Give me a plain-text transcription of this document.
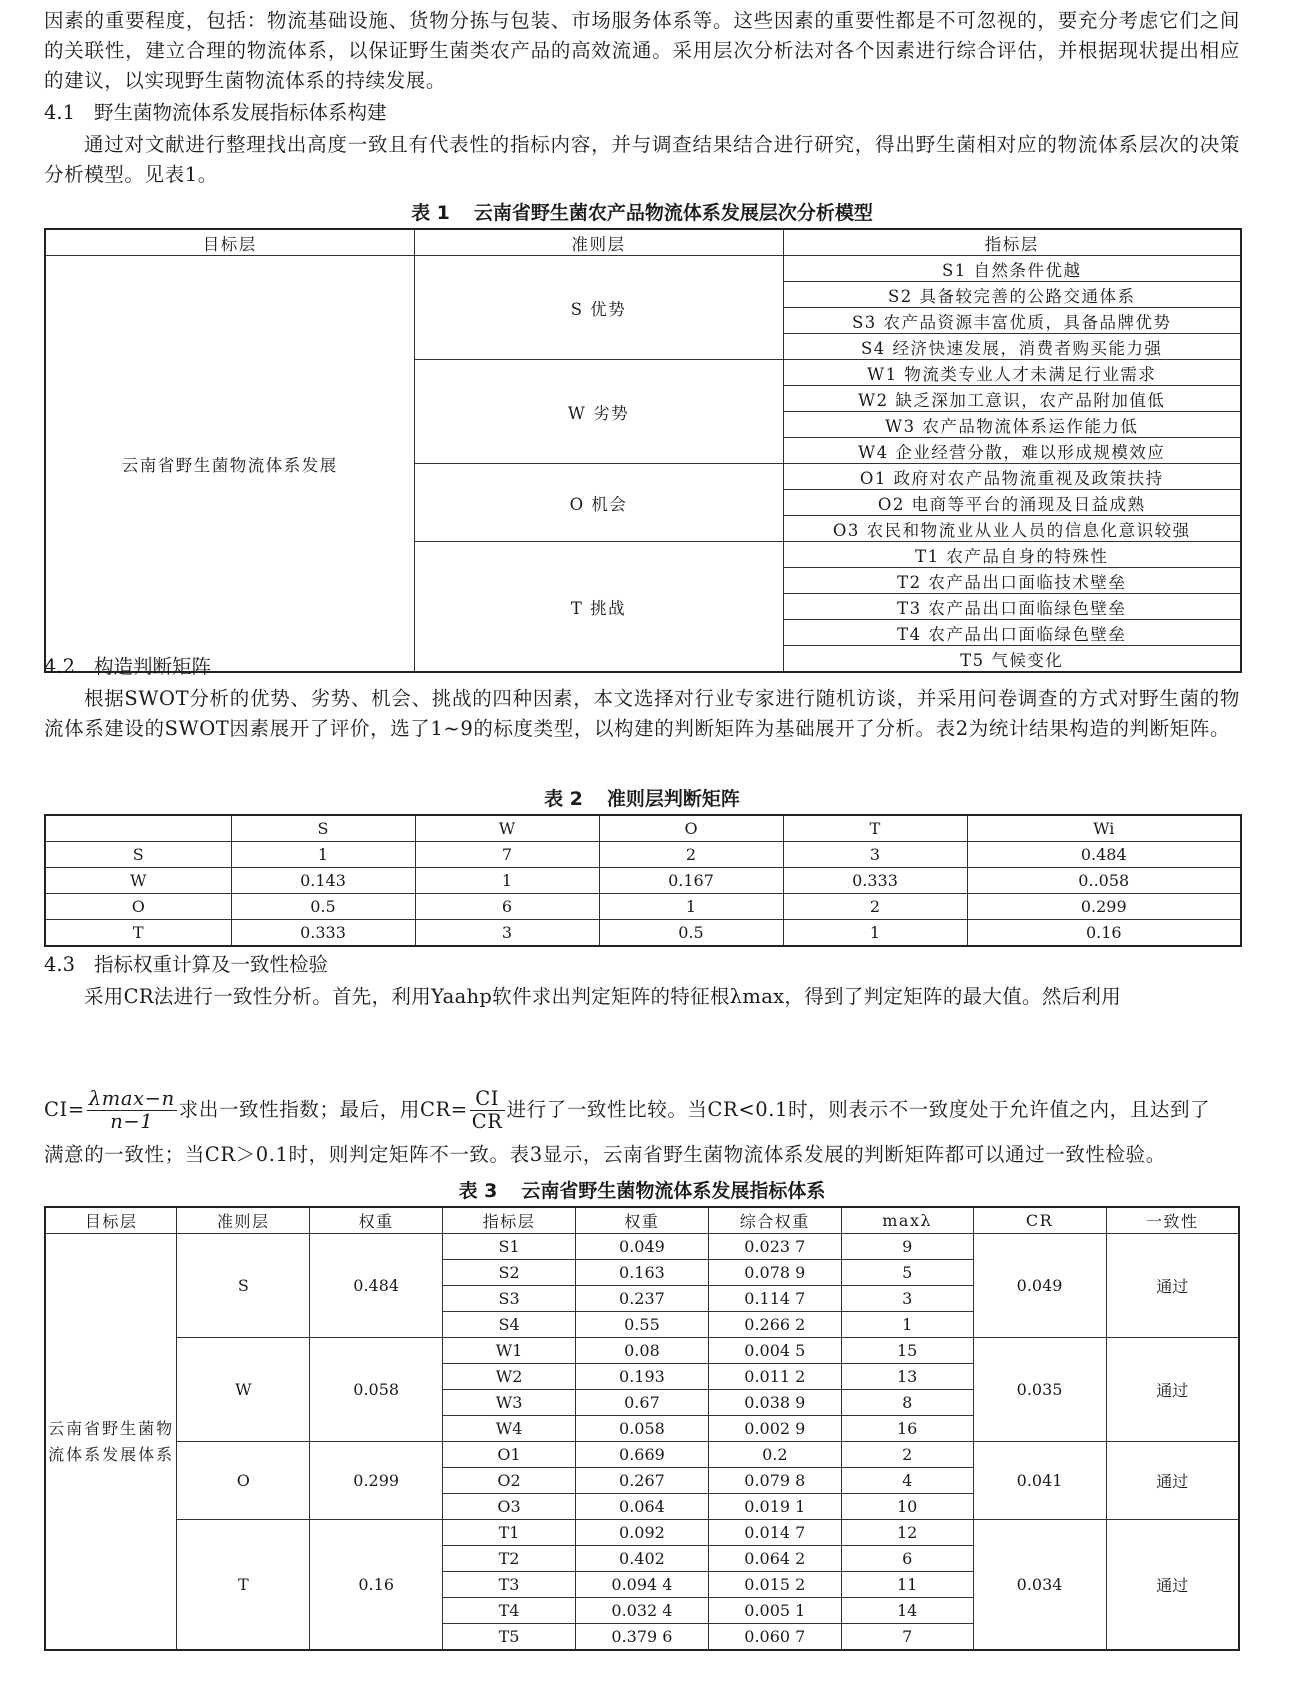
因素的重要程度，包括：物流基础设施、货物分拣与包装、市场服务体系等。这些因素的重要性都是不可忽视的，要充分考虑它们之间的关联性，建立合理的物流体系，以保证野生菌类农产品的高效流通。采用层次分析法对各个因素进行综合评估，并根据现状提出相应的建议，以实现野生菌物流体系的持续发展。

4.1 野生菌物流体系发展指标体系构建

通过对文献进行整理找出高度一致且有代表性的指标内容，并与调查结果结合进行研究，得出野生菌相对应的物流体系层次的决策分析模型。见表1。

表 1 云南省野生菌农产品物流体系发展层次分析模型

目标层	准则层	指标层
云南省野生菌物流体系发展	S 优势	S1 自然条件优越
		S2 具备较完善的公路交通体系
		S3 农产品资源丰富优质，具备品牌优势
		S4 经济快速发展，消费者购买能力强
	W 劣势	W1 物流类专业人才未满足行业需求
		W2 缺乏深加工意识，农产品附加值低
		W3 农产品物流体系运作能力低
		W4 企业经营分散，难以形成规模效应
	O 机会	O1 政府对农产品物流重视及政策扶持
		O2 电商等平台的涌现及日益成熟
		O3 农民和物流业从业人员的信息化意识较强
	T 挑战	T1 农产品自身的特殊性
		T2 农产品出口面临技术壁垒
		T3 农产品出口面临绿色壁垒
		T4 农产品出口面临绿色壁垒
		T5 气候变化

4.2 构造判断矩阵

根据SWOT分析的优势、劣势、机会、挑战的四种因素，本文选择对行业专家进行随机访谈，并采用问卷调查的方式对野生菌的物流体系建设的SWOT因素展开了评价，选了1~9的标度类型，以构建的判断矩阵为基础展开了分析。表2为统计结果构造的判断矩阵。

表 2 准则层判断矩阵

	S	W	O	T	Wi
S	1	7	2	3	0.484
W	0.143	1	0.167	0.333	0..058
O	0.5	6	1	2	0.299
T	0.333	3	0.5	1	0.16

4.3 指标权重计算及一致性检验

采用CR法进行一致性分析。首先，利用Yaahp软件求出判定矩阵的特征根λmax，得到了判定矩阵的最大值。然后利用

$CI= \frac{\lambda\max-n}{n-1}$ 求出一致性指数；最后，用$CR= \frac{CI}{CR}$ 进行了一致性比较。当CR<0.1时，则表示不一致度处于允许值之内，且达到了

满意的一致性；当CR＞0.1时，则判定矩阵不一致。表3显示，云南省野生菌物流体系发展的判断矩阵都可以通过一致性检验。

表 3 云南省野生菌物流体系发展指标体系

目标层	准则层	权重	指标层	权重	综合权重	maxλ	CR	一致性
云南省野生菌物流体系发展体系	S	0.484	S1	0.049	0.023 7	9	0.049	通过
			S2	0.163	0.078 9	5		
			S3	0.237	0.114 7	3		
			S4	0.55	0.266 2	1		
	W	0.058	W1	0.08	0.004 5	15	0.035	通过
			W2	0.193	0.011 2	13		
			W3	0.67	0.038 9	8		
			W4	0.058	0.002 9	16		
	O	0.299	O1	0.669	0.2	2	0.041	通过
			O2	0.267	0.079 8	4		
			O3	0.064	0.019 1	10		
	T	0.16	T1	0.092	0.014 7	12	0.034	通过
			T2	0.402	0.064 2	6		
			T3	0.094 4	0.015 2	11		
			T4	0.032 4	0.005 1	14		
			T5	0.379 6	0.060 7	7		
